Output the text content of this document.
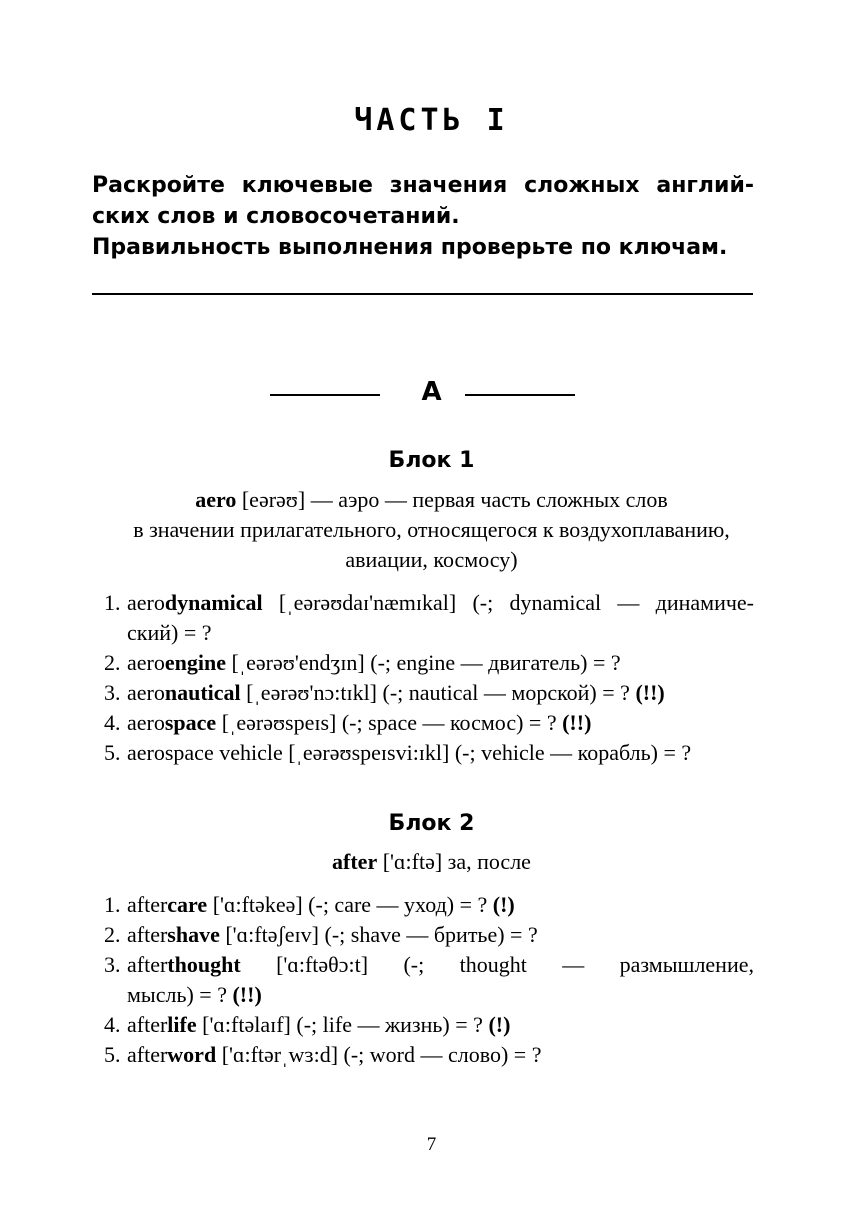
ЧАСТЬ I
Раскройте ключевые значения сложных англий-
ских слов и словосочетаний.
Правильность выполнения проверьте по ключам.
A
Блок 1
aero [eərəʊ] — аэро — первая часть сложных слов
в значении прилагательного, относящегося к воздухоплаванию,
авиации, космосу)
1. aerodynamical [ˌeərəʊdaɪ'næmɪkal] (-; dynamical — динамиче-
ский) = ?
2. aeroengine [ˌeərəʊ'endʒɪn] (-; engine — двигатель) = ?
3. aeronautical [ˌeərəʊ'nɔ:tɪkl] (-; nautical — морской) = ? (!!)
4. aerospace [ˌeərəʊspeɪs] (-; space — космос) = ? (!!)
5. aerospace vehicle [ˌeərəʊspeɪsvi:ɪkl] (-; vehicle — корабль) = ?
Блок 2
after ['ɑ:ftə] за, после
1. aftercare ['ɑ:ftəkeə] (-; care — уход) = ? (!)
2. aftershave ['ɑ:ftəʃeɪv] (-; shave — бритье) = ?
3. afterthought ['ɑ:ftəθɔ:t] (-; thought — размышление,
мысль) = ? (!!)
4. afterlife ['ɑ:ftəlaɪf] (-; life — жизнь) = ? (!)
5. afterword ['ɑ:ftərˌwɜ:d] (-; word — слово) = ?
7
